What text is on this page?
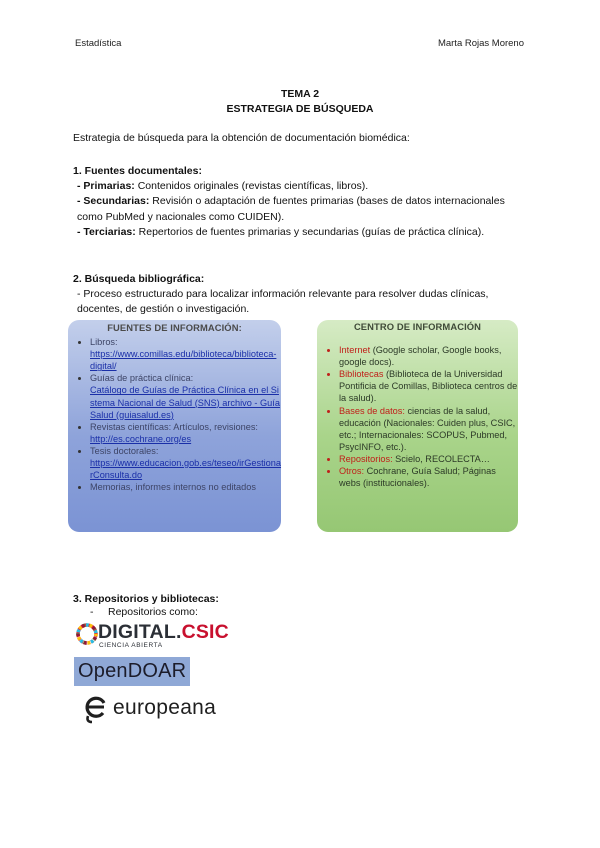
Estadística	Marta Rojas Moreno
TEMA 2
ESTRATEGIA DE BÚSQUEDA
Estrategia de búsqueda para la obtención de documentación biomédica:
1. Fuentes documentales:
- Primarias: Contenidos originales (revistas científicas, libros).
- Secundarias: Revisión o adaptación de fuentes primarias (bases de datos internacionales como PubMed y nacionales como CUIDEN).
- Terciarias: Repertorios de fuentes primarias y secundarias (guías de práctica clínica).
2. Búsqueda bibliográfica:
- Proceso estructurado para localizar información relevante para resolver dudas clínicas, docentes, de gestión o investigación.
FUENTES DE INFORMACIÓN:
• Libros:
https://www.comillas.edu/biblioteca/biblioteca-digital/
• Guías de práctica clínica:
Catálogo de Guías de Práctica Clínica en el Sistema Nacional de Salud (SNS) archivo - GuíaSalud (guiasalud.es)
• Revistas científicas: Artículos, revisiones:
http://es.cochrane.org/es
• Tesis doctorales:
https://www.educacion.gob.es/teseo/irGestionarConsulta.do
• Memorias, informes internos no editados
CENTRO DE INFORMACIÓN
• Internet (Google scholar, Google books, google docs).
• Bibliotecas (Biblioteca de la Universidad Pontificia de Comillas, Biblioteca centros de la salud).
• Bases de datos: ciencias de la salud, educación (Nacionales: Cuiden plus, CSIC, etc.; Internacionales: SCOPUS, Pubmed, PsycINFO, etc.).
• Repositorios: Scielo, RECOLECTA…
• Otros: Cochrane, Guía Salud; Páginas webs (institucionales).
3. Repositorios y bibliotecas:
- Repositorios como:
DIGITAL.CSIC
CIENCIA ABIERTA
OpenDOAR
europeana
